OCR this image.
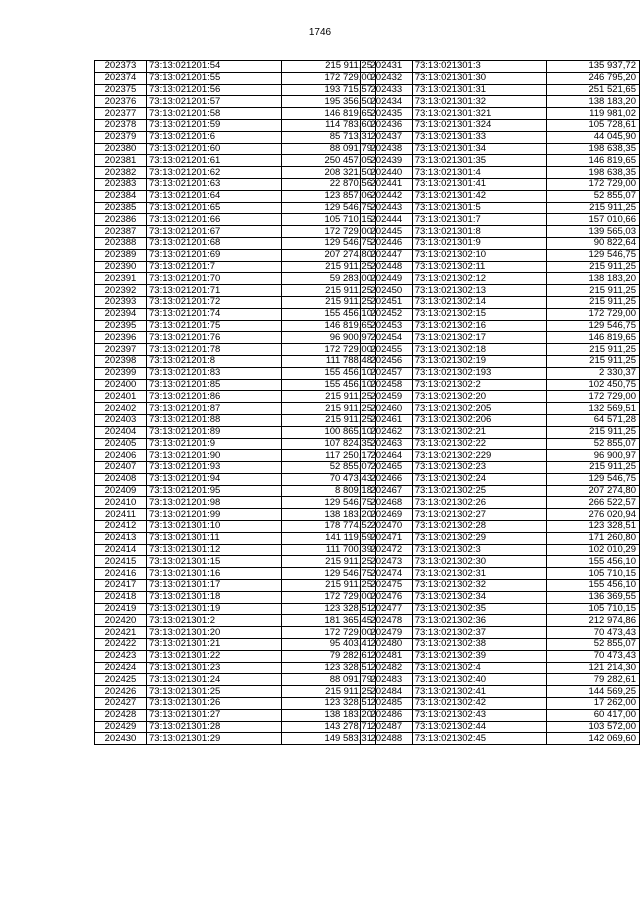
1746
202373	73:13:021201:54	215 911,25
202374	73:13:021201:55	172 729,00
202375	73:13:021201:56	193 715,57
202376	73:13:021201:57	195 356,50
202377	73:13:021201:58	146 819,65
202378	73:13:021201:59	114 783,60
202379	73:13:021201:6	85 713,31
202380	73:13:021201:60	88 091,79
202381	73:13:021201:61	250 457,05
202382	73:13:021201:62	208 321,50
202383	73:13:021201:63	22 870,56
202384	73:13:021201:64	123 857,06
202385	73:13:021201:65	129 546,75
202386	73:13:021201:66	105 710,15
202387	73:13:021201:67	172 729,00
202388	73:13:021201:68	129 546,75
202389	73:13:021201:69	207 274,80
202390	73:13:021201:7	215 911,25
202391	73:13:021201:70	59 283,00
202392	73:13:021201:71	215 911,25
202393	73:13:021201:72	215 911,25
202394	73:13:021201:74	155 456,10
202395	73:13:021201:75	146 819,65
202396	73:13:021201:76	96 900,97
202397	73:13:021201:78	172 729,00
202398	73:13:021201:8	111 788,48
202399	73:13:021201:83	155 456,10
202400	73:13:021201:85	155 456,10
202401	73:13:021201:86	215 911,25
202402	73:13:021201:87	215 911,25
202403	73:13:021201:88	215 911,25
202404	73:13:021201:89	100 865,10
202405	73:13:021201:9	107 824,35
202406	73:13:021201:90	117 250,17
202407	73:13:021201:93	52 855,07
202408	73:13:021201:94	70 473,43
202409	73:13:021201:95	8 809,18
202410	73:13:021201:98	129 546,75
202411	73:13:021201:99	138 183,20
202412	73:13:021301:10	178 774,52
202413	73:13:021301:11	141 119,59
202414	73:13:021301:12	111 700,39
202415	73:13:021301:15	215 911,25
202416	73:13:021301:16	129 546,75
202417	73:13:021301:17	215 911,25
202418	73:13:021301:18	172 729,00
202419	73:13:021301:19	123 328,51
202420	73:13:021301:2	181 365,45
202421	73:13:021301:20	172 729,00
202422	73:13:021301:21	95 403,41
202423	73:13:021301:22	79 282,61
202424	73:13:021301:23	123 328,51
202425	73:13:021301:24	88 091,79
202426	73:13:021301:25	215 911,25
202427	73:13:021301:26	123 328,51
202428	73:13:021301:27	138 183,20
202429	73:13:021301:28	143 278,71
202430	73:13:021301:29	149 583,31
202431	73:13:021301:3	135 937,72
202432	73:13:021301:30	246 795,20
202433	73:13:021301:31	251 521,65
202434	73:13:021301:32	138 183,20
202435	73:13:021301:321	119 981,02
202436	73:13:021301:324	105 728,61
202437	73:13:021301:33	44 045,90
202438	73:13:021301:34	198 638,35
202439	73:13:021301:35	146 819,65
202440	73:13:021301:4	198 638,35
202441	73:13:021301:41	172 729,00
202442	73:13:021301:42	52 855,07
202443	73:13:021301:5	215 911,25
202444	73:13:021301:7	157 010,66
202445	73:13:021301:8	139 565,03
202446	73:13:021301:9	90 822,64
202447	73:13:021302:10	129 546,75
202448	73:13:021302:11	215 911,25
202449	73:13:021302:12	138 183,20
202450	73:13:021302:13	215 911,25
202451	73:13:021302:14	215 911,25
202452	73:13:021302:15	172 729,00
202453	73:13:021302:16	129 546,75
202454	73:13:021302:17	146 819,65
202455	73:13:021302:18	215 911,25
202456	73:13:021302:19	215 911,25
202457	73:13:021302:193	2 330,37
202458	73:13:021302:2	102 450,75
202459	73:13:021302:20	172 729,00
202460	73:13:021302:205	132 569,51
202461	73:13:021302:206	64 571,28
202462	73:13:021302:21	215 911,25
202463	73:13:021302:22	52 855,07
202464	73:13:021302:229	96 900,97
202465	73:13:021302:23	215 911,25
202466	73:13:021302:24	129 546,75
202467	73:13:021302:25	207 274,80
202468	73:13:021302:26	266 522,57
202469	73:13:021302:27	276 020,94
202470	73:13:021302:28	123 328,51
202471	73:13:021302:29	171 260,80
202472	73:13:021302:3	102 010,29
202473	73:13:021302:30	155 456,10
202474	73:13:021302:31	105 710,15
202475	73:13:021302:32	155 456,10
202476	73:13:021302:34	136 369,55
202477	73:13:021302:35	105 710,15
202478	73:13:021302:36	212 974,86
202479	73:13:021302:37	70 473,43
202480	73:13:021302:38	52 855,07
202481	73:13:021302:39	70 473,43
202482	73:13:021302:4	121 214,30
202483	73:13:021302:40	79 282,61
202484	73:13:021302:41	144 569,25
202485	73:13:021302:42	17 262,00
202486	73:13:021302:43	60 417,00
202487	73:13:021302:44	103 572,00
202488	73:13:021302:45	142 069,60
